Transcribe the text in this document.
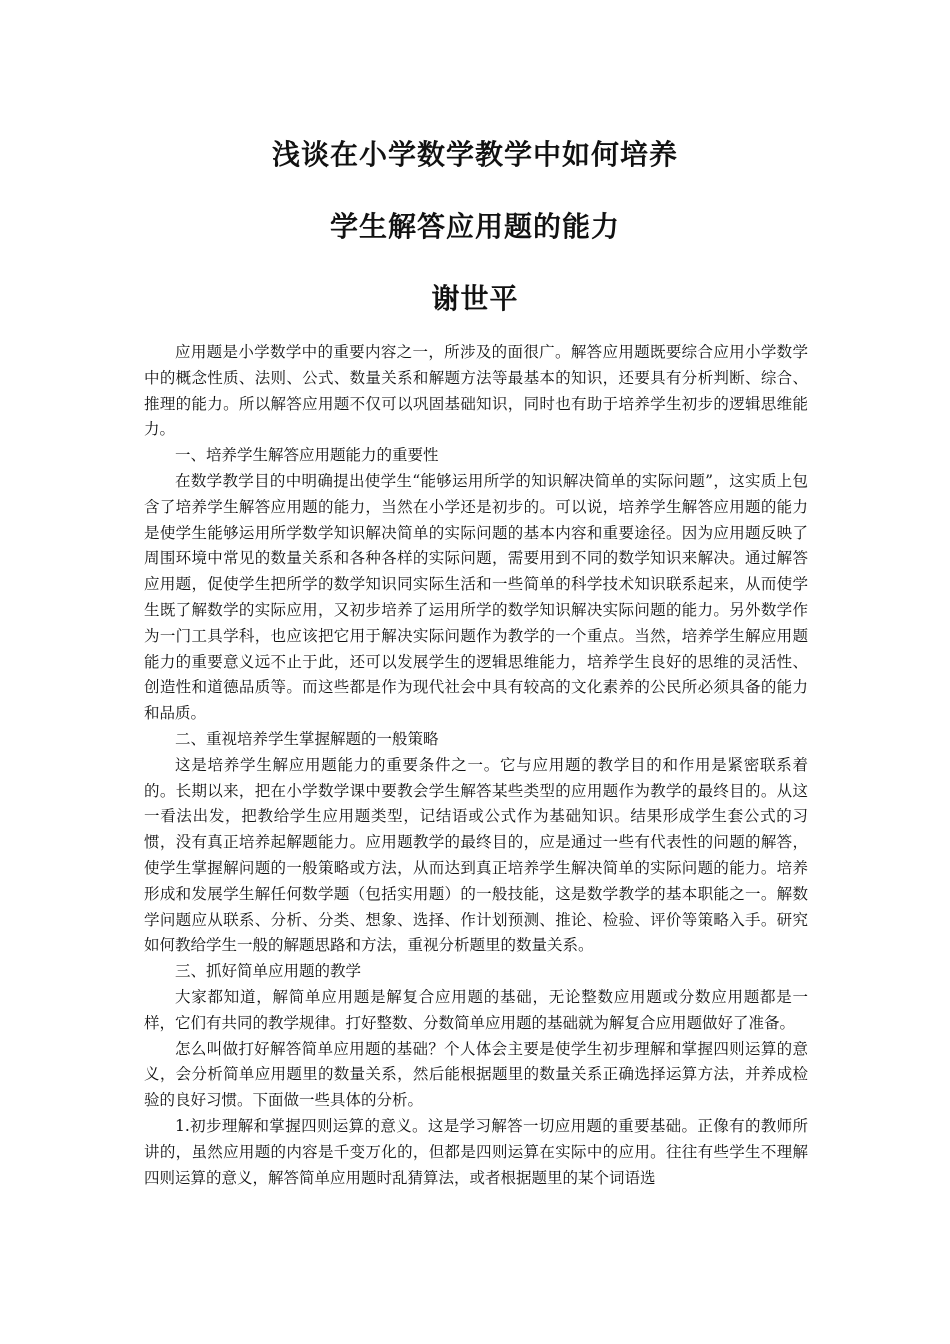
浅谈在小学数学教学中如何培养
学生解答应用题的能力
谢世平

应用题是小学数学中的重要内容之一，所涉及的面很广。解答应用题既要综合应用小学数学中的概念性质、法则、公式、数量关系和解题方法等最基本的知识，还要具有分析判断、综合、推理的能力。所以解答应用题不仅可以巩固基础知识，同时也有助于培养学生初步的逻辑思维能力。

一、培养学生解答应用题能力的重要性

在数学教学目的中明确提出使学生“能够运用所学的知识解决简单的实际问题”，这实质上包含了培养学生解答应用题的能力，当然在小学还是初步的。可以说，培养学生解答应用题的能力是使学生能够运用所学数学知识解决简单的实际问题的基本内容和重要途径。因为应用题反映了周围环境中常见的数量关系和各种各样的实际问题，需要用到不同的数学知识来解决。通过解答应用题，促使学生把所学的数学知识同实际生活和一些简单的科学技术知识联系起来，从而使学生既了解数学的实际应用，又初步培养了运用所学的数学知识解决实际问题的能力。另外数学作为一门工具学科，也应该把它用于解决实际问题作为教学的一个重点。当然，培养学生解应用题能力的重要意义远不止于此，还可以发展学生的逻辑思维能力，培养学生良好的思维的灵活性、创造性和道德品质等。而这些都是作为现代社会中具有较高的文化素养的公民所必须具备的能力和品质。

二、重视培养学生掌握解题的一般策略

这是培养学生解应用题能力的重要条件之一。它与应用题的教学目的和作用是紧密联系着的。长期以来，把在小学数学课中要教会学生解答某些类型的应用题作为教学的最终目的。从这一看法出发，把教给学生应用题类型，记结语或公式作为基础知识。结果形成学生套公式的习惯，没有真正培养起解题能力。应用题教学的最终目的，应是通过一些有代表性的问题的解答，使学生掌握解问题的一般策略或方法，从而达到真正培养学生解决简单的实际问题的能力。培养形成和发展学生解任何数学题（包括实用题）的一般技能，这是数学教学的基本职能之一。解数学问题应从联系、分析、分类、想象、选择、作计划预测、推论、检验、评价等策略入手。研究如何教给学生一般的解题思路和方法，重视分析题里的数量关系。

三、抓好简单应用题的教学

大家都知道，解简单应用题是解复合应用题的基础，无论整数应用题或分数应用题都是一样，它们有共同的教学规律。打好整数、分数简单应用题的基础就为解复合应用题做好了准备。

怎么叫做打好解答简单应用题的基础？个人体会主要是使学生初步理解和掌握四则运算的意义，会分析简单应用题里的数量关系，然后能根据题里的数量关系正确选择运算方法，并养成检验的良好习惯。下面做一些具体的分析。

1.初步理解和掌握四则运算的意义。这是学习解答一切应用题的重要基础。正像有的教师所讲的，虽然应用题的内容是千变万化的，但都是四则运算在实际中的应用。往往有些学生不理解四则运算的意义，解答简单应用题时乱猜算法，或者根据题里的某个词语选
